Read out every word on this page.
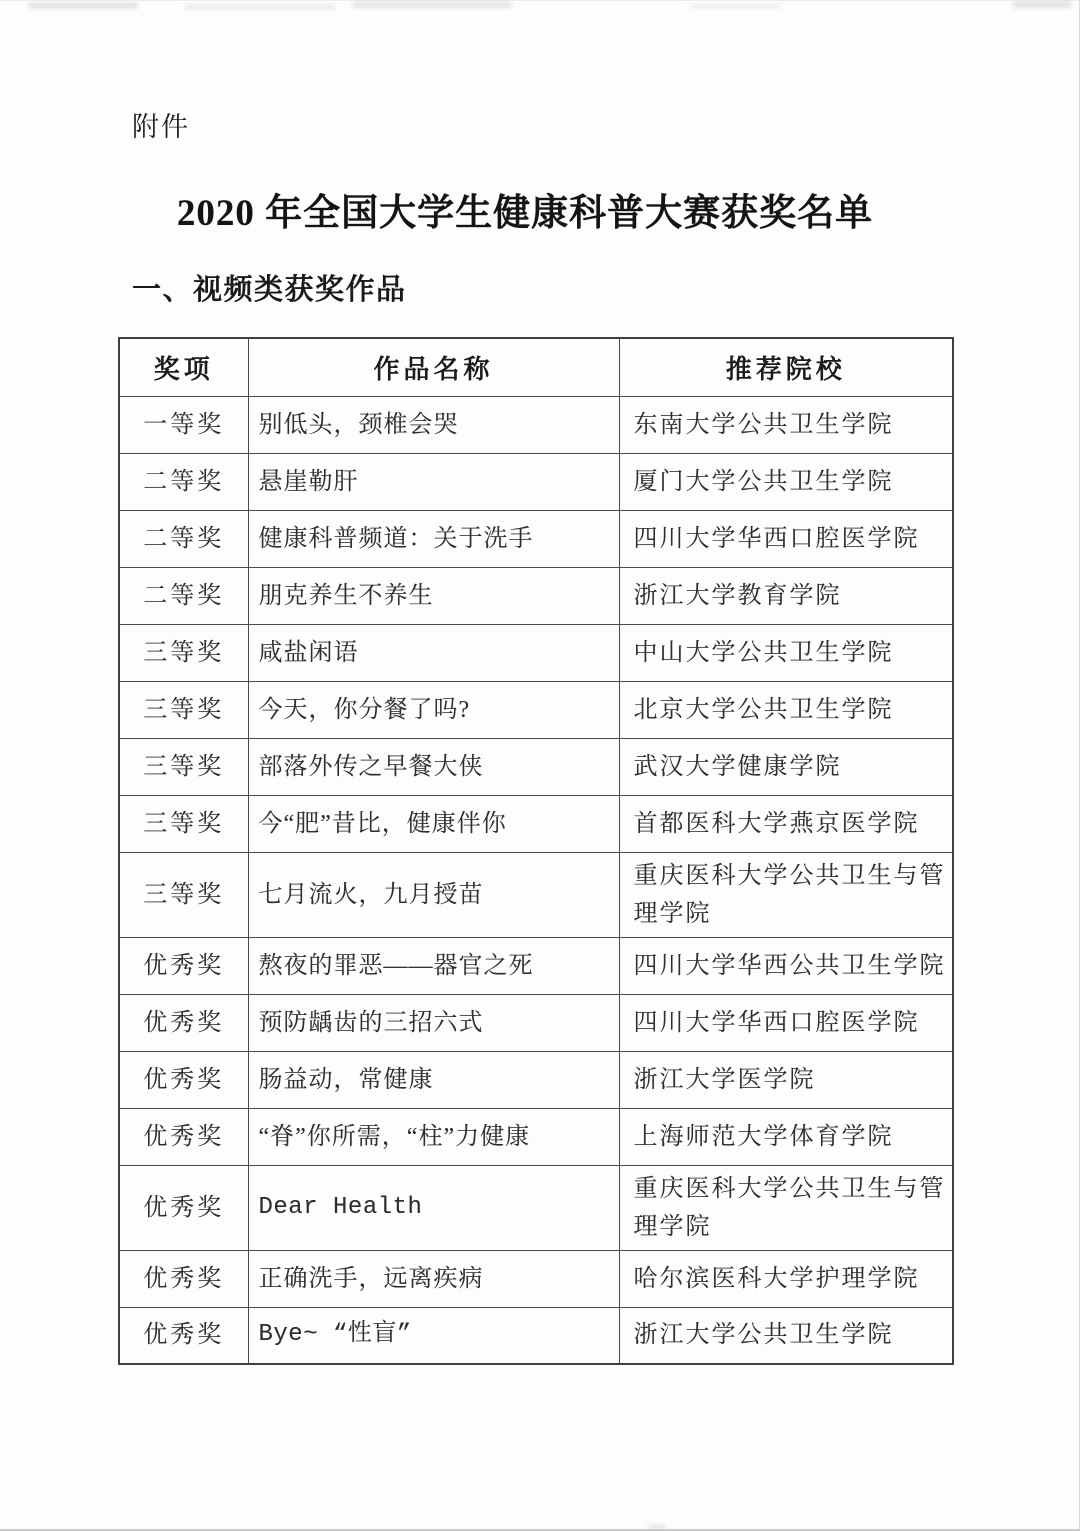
附件
2020 年全国大学生健康科普大赛获奖名单
一、视频类获奖作品
奖项	作品名称	推荐院校
一等奖	别低头，颈椎会哭	东南大学公共卫生学院
二等奖	悬崖勒肝	厦门大学公共卫生学院
二等奖	健康科普频道：关于洗手	四川大学华西口腔医学院
二等奖	朋克养生不养生	浙江大学教育学院
三等奖	咸盐闲语	中山大学公共卫生学院
三等奖	今天，你分餐了吗?	北京大学公共卫生学院
三等奖	部落外传之早餐大侠	武汉大学健康学院
三等奖	今“肥”昔比，健康伴你	首都医科大学燕京医学院
三等奖	七月流火，九月授苗	重庆医科大学公共卫生与管理学院
优秀奖	熬夜的罪恶——器官之死	四川大学华西公共卫生学院
优秀奖	预防龋齿的三招六式	四川大学华西口腔医学院
优秀奖	肠益动，常健康	浙江大学医学院
优秀奖	“脊”你所需，“柱”力健康	上海师范大学体育学院
优秀奖	Dear Health	重庆医科大学公共卫生与管理学院
优秀奖	正确洗手，远离疾病	哈尔滨医科大学护理学院
优秀奖	Bye~ “性盲”	浙江大学公共卫生学院
